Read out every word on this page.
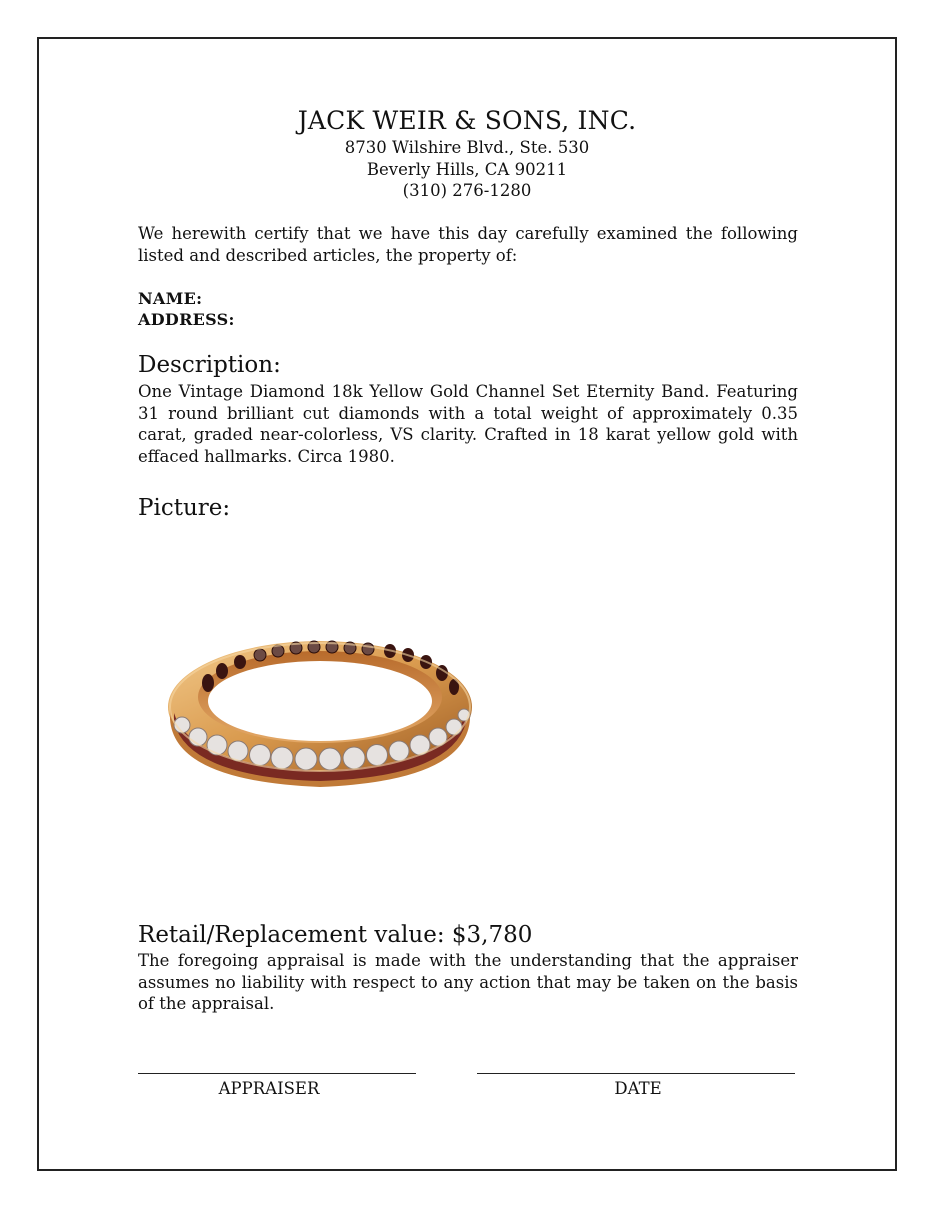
JACK WEIR & SONS, INC.
8730 Wilshire Blvd., Ste. 530
Beverly Hills, CA 90211
(310) 276-1280
We herewith certify that we have this day carefully examined the following listed and described articles, the property of:
NAME:
ADDRESS:
Description:
One Vintage Diamond 18k Yellow Gold Channel Set Eternity Band. Featuring 31 round brilliant cut diamonds with a total weight of approximately 0.35 carat, graded near-colorless, VS clarity. Crafted in 18 karat yellow gold with effaced hallmarks. Circa 1980.
Picture:
Retail/Replacement value: $3,780
The foregoing appraisal is made with the understanding that the appraiser assumes no liability with respect to any action that may be taken on the basis of the appraisal.
APPRAISER	DATE
